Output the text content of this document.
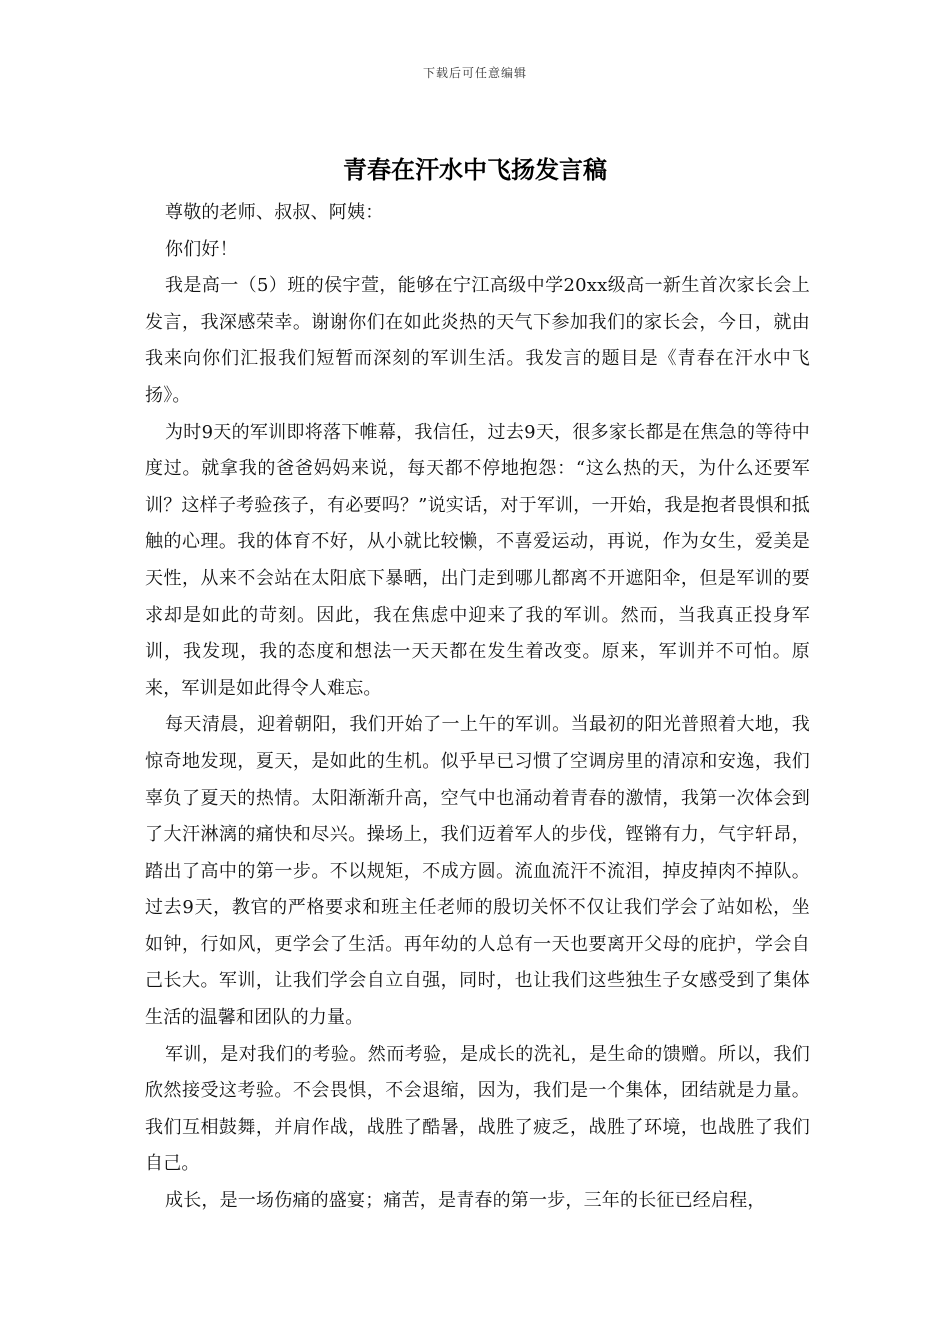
下载后可任意编辑
青春在汗水中飞扬发言稿

尊敬的老师、叔叔、阿姨：

你们好！

我是高一（5）班的侯宇萱，能够在宁江高级中学20xx级高一新生首次家长会上发言，我深感荣幸。谢谢你们在如此炎热的天气下参加我们的家长会，今日，就由我来向你们汇报我们短暂而深刻的军训生活。我发言的题目是《青春在汗水中飞扬》。

为时9天的军训即将落下帷幕，我信任，过去9天，很多家长都是在焦急的等待中度过。就拿我的爸爸妈妈来说，每天都不停地抱怨：“这么热的天，为什么还要军训？这样子考验孩子，有必要吗？”说实话，对于军训，一开始，我是抱者畏惧和抵触的心理。我的体育不好，从小就比较懒，不喜爱运动，再说，作为女生，爱美是天性，从来不会站在太阳底下暴晒，出门走到哪儿都离不开遮阳伞，但是军训的要求却是如此的苛刻。因此，我在焦虑中迎来了我的军训。然而，当我真正投身军训，我发现，我的态度和想法一天天都在发生着改变。原来，军训并不可怕。原来，军训是如此得令人难忘。

每天清晨，迎着朝阳，我们开始了一上午的军训。当最初的阳光普照着大地，我惊奇地发现，夏天，是如此的生机。似乎早已习惯了空调房里的清凉和安逸，我们辜负了夏天的热情。太阳渐渐升高，空气中也涌动着青春的激情，我第一次体会到了大汗淋漓的痛快和尽兴。操场上，我们迈着军人的步伐，铿锵有力，气宇轩昂，踏出了高中的第一步。不以规矩，不成方圆。流血流汗不流泪，掉皮掉肉不掉队。过去9天，教官的严格要求和班主任老师的殷切关怀不仅让我们学会了站如松，坐如钟，行如风，更学会了生活。再年幼的人总有一天也要离开父母的庇护，学会自己长大。军训，让我们学会自立自强，同时，也让我们这些独生子女感受到了集体生活的温馨和团队的力量。

军训，是对我们的考验。然而考验，是成长的洗礼，是生命的馈赠。所以，我们欣然接受这考验。不会畏惧，不会退缩，因为，我们是一个集体，团结就是力量。我们互相鼓舞，并肩作战，战胜了酷暑，战胜了疲乏，战胜了环境，也战胜了我们自己。

成长，是一场伤痛的盛宴；痛苦，是青春的第一步，三年的长征已经启程，
